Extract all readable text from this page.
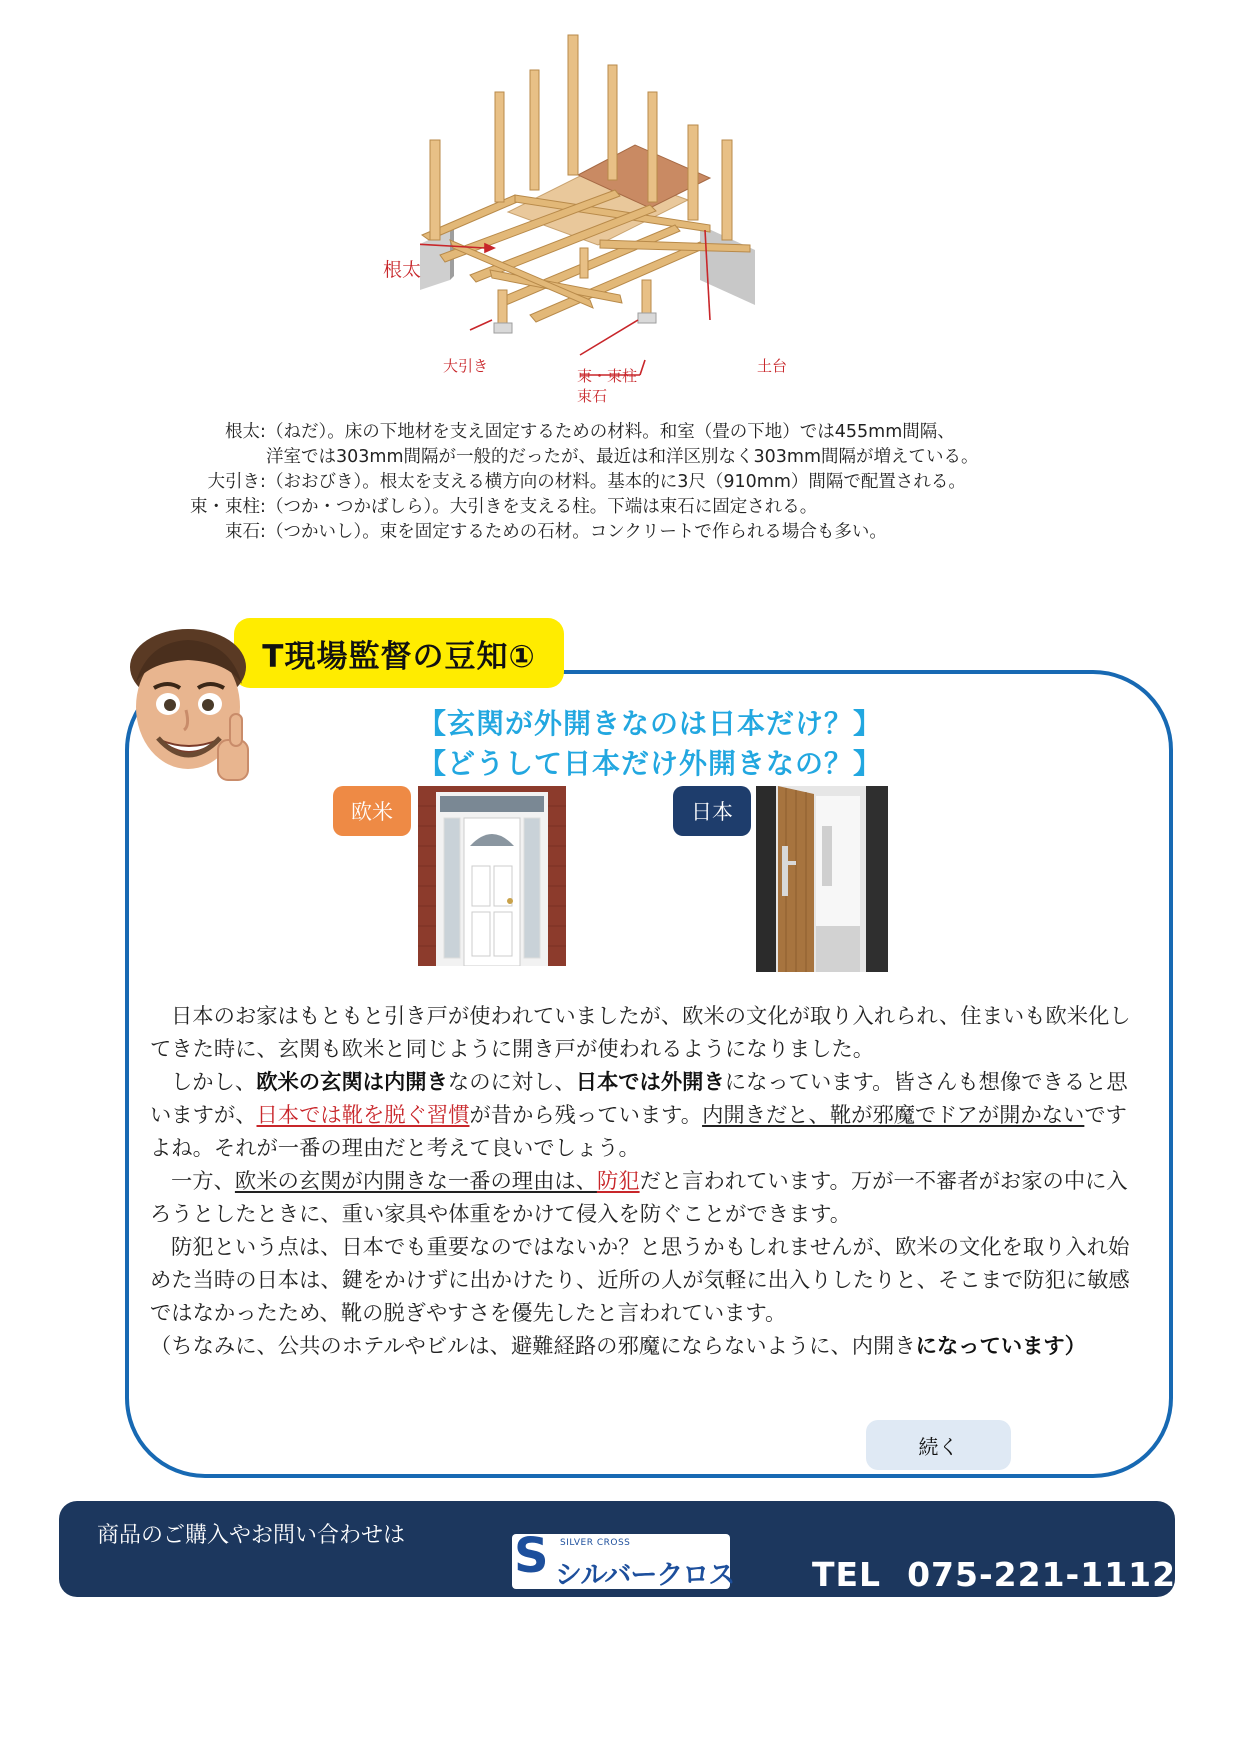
根太
大引き
束・束柱
束石
土台
根太 : （ねだ）。床の下地材を支え固定するための材料。和室（畳の下地）では455mm間隔、
洋室では303mm間隔が一般的だったが、最近は和洋区別なく303mm間隔が増えている。
大引き : （おおびき）。根太を支える横方向の材料。基本的に3尺（910mm）間隔で配置される。
束・束柱 : （つか・つかばしら）。大引きを支える柱。下端は束石に固定される。
束石 : （つかいし）。束を固定するための石材。コンクリートで作られる場合も多い。
T現場監督の豆知①
【玄関が外開きなのは日本だけ？】
【どうして日本だけ外開きなの？】
欧米	日本

日本のお家はもともと引き戸が使われていましたが、欧米の文化が取り入れられ、住まいも欧米化してきた時に、玄関も欧米と同じように開き戸が使われるようになりました。

しかし、欧米の玄関は内開きなのに対し、日本では外開きになっています。皆さんも想像できると思いますが、日本では靴を脱ぐ習慣が昔から残っています。内開きだと、靴が邪魔でドアが開かないですよね。それが一番の理由だと考えて良いでしょう。

一方、欧米の玄関が内開きな一番の理由は、防犯だと言われています。万が一不審者がお家の中に入ろうとしたときに、重い家具や体重をかけて侵入を防ぐことができます。

防犯という点は、日本でも重要なのではないか？と思うかもしれませんが、欧米の文化を取り入れ始めた当時の日本は、鍵をかけずに出かけたり、近所の人が気軽に出入りしたりと、そこまで防犯に敏感ではなかったため、靴の脱ぎやすさを優先したと言われています。

（ちなみに、公共のホテルやビルは、避難経路の邪魔にならないように、内開きになっています）

続く
商品のご購入やお問い合わせは S SILVER CROSS
シルバークロス TEL 075-221-1112
